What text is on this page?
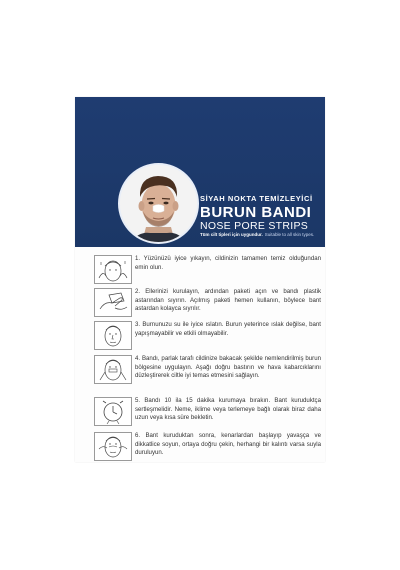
SİYAH NOKTA TEMİZLEYİCİ
BURUN BANDI
NOSE PORE STRIPS
Tüm cilt tipleri için uygundur. Suitable to all skin types.
1. Yüzünüzü iyice yıkayın, cildinizin tamamen temiz olduğundan emin olun.
2. Ellerinizi kurulayın, ardından paketi açın ve bandı plastik astarından sıyırın. Açılmış paketi hemen kullanın, böylece bant astardan kolayca sıyrılır.
3. Burnunuzu su ile iyice ıslatın. Burun yeterince ıslak değilse, bant yapışmayabilir ve etkili olmayabilir.
4. Bandı, parlak tarafı cildinize bakacak şekilde nemlendirilmiş burun bölgesine uygulayın. Aşağı doğru bastırın ve hava kabarcıklarını düzleştirerek ciltle iyi temas etmesini sağlayın.
5. Bandı 10 ila 15 dakika kurumaya bırakın. Bant kuruduktça sertleşmelidir. Neme, iklime veya terlemeye bağlı olarak biraz daha uzun veya kısa süre bekletin.
6. Bant kuruduktan sonra, kenarlardan başlayıp yavaşça ve dikkatlice soyun, ortaya doğru çekin, herhangi bir kalıntı varsa suyla duruluyun.
